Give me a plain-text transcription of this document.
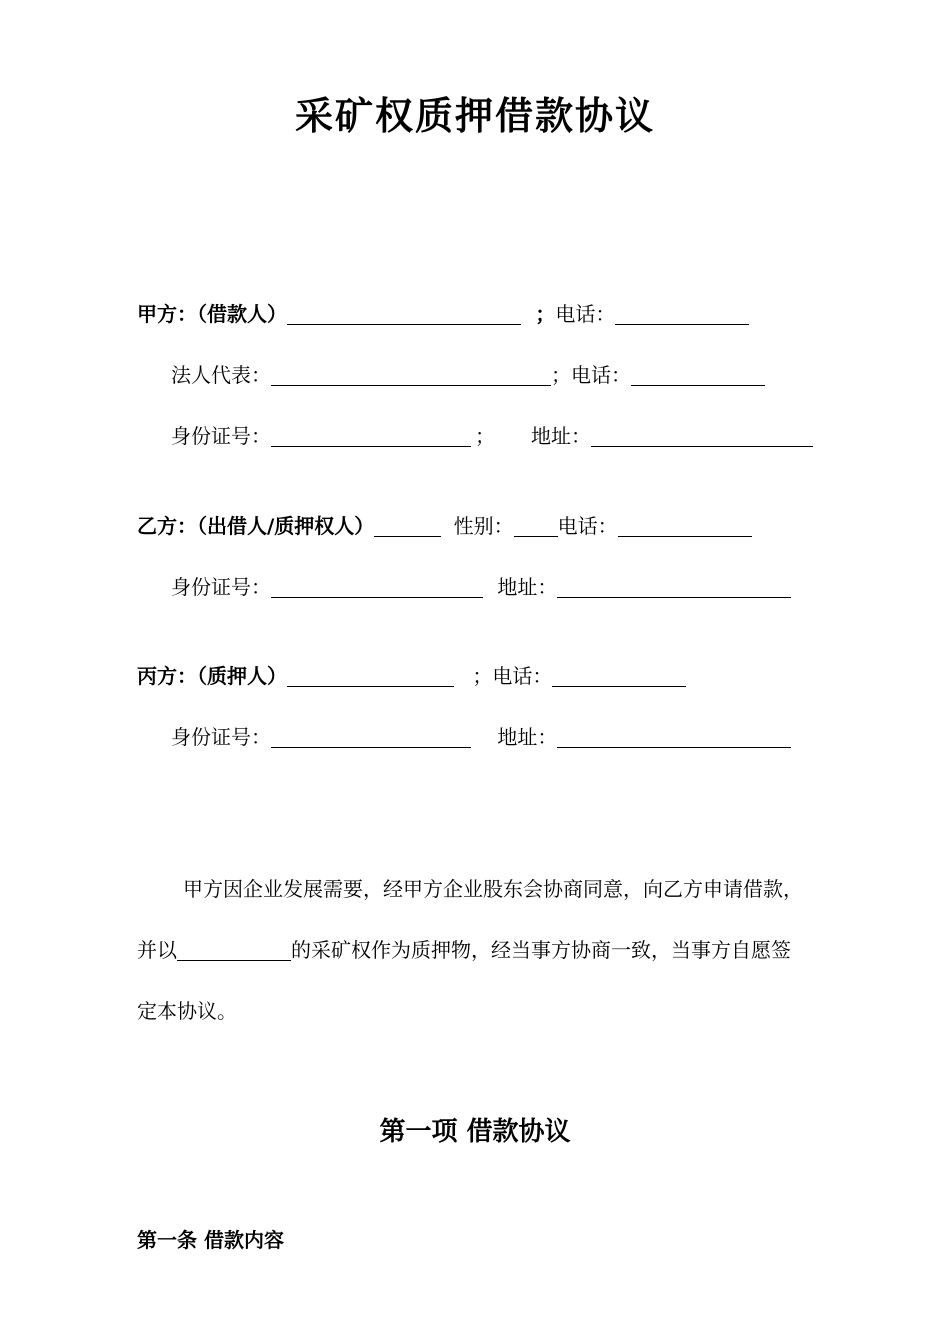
采矿权质押借款协议
甲方：（借款人）	；电话：
法人代表：	；电话：
身份证号：	； 地址：
乙方：（出借人/质押权人）	性别： 电话：
身份证号：	地址：
丙方：（质押人）	；电话：
身份证号：	地址：
甲方因企业发展需要，经甲方企业股东会协商同意，向乙方申请借款，
并以	的采矿权作为质押物，经当事方协商一致，当事方自愿签
定本协议。
第一项 借款协议
第一条 借款内容
